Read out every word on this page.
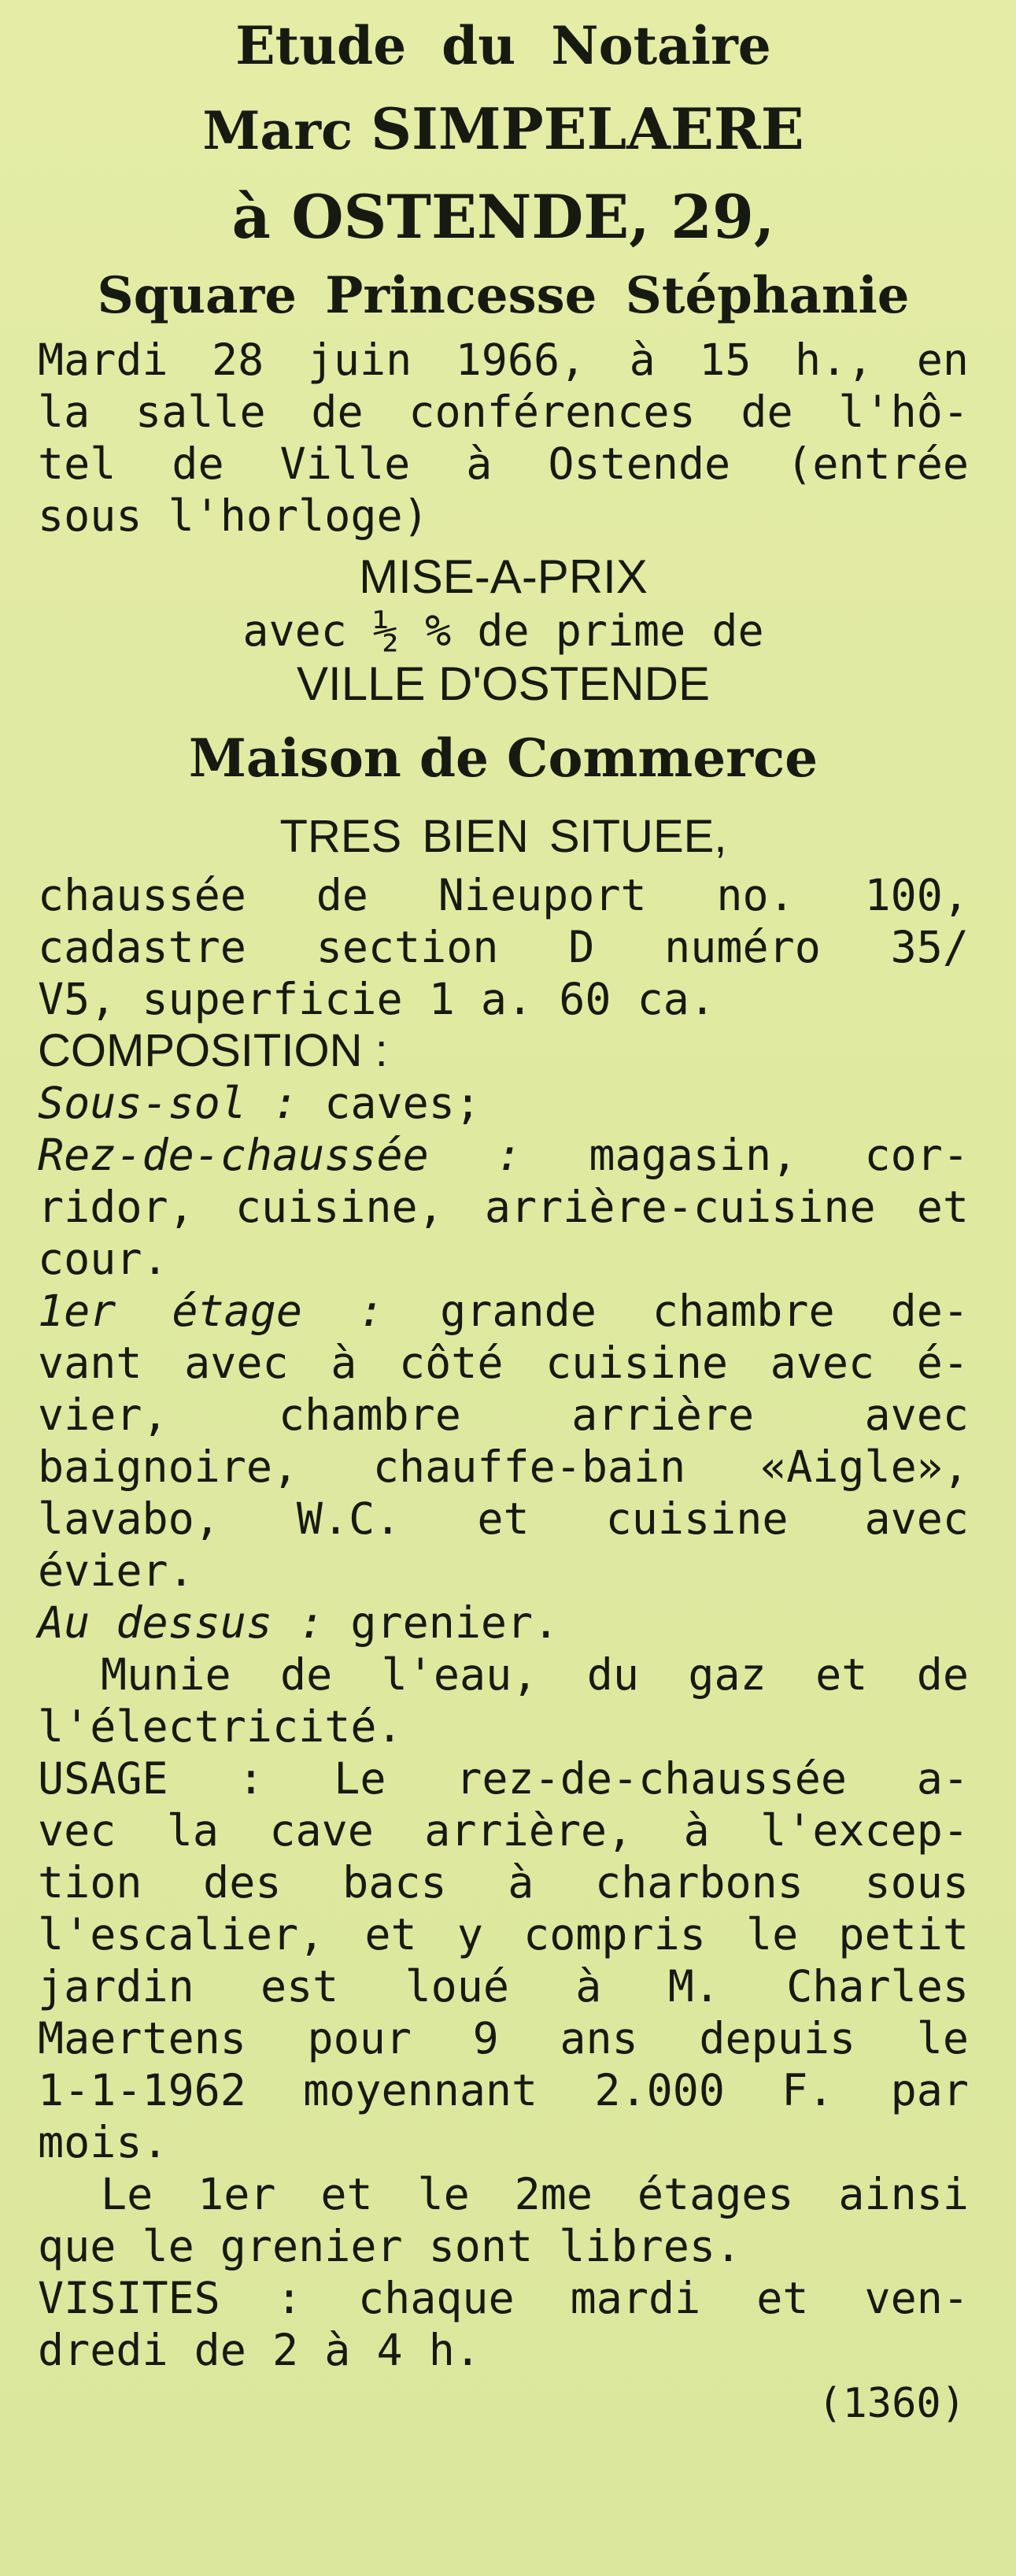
Etude du Notaire

Marc SIMPELAERE

à OSTENDE, 29,

Square Princesse Stéphanie

Mardi 28 juin 1966, à 15 h., en

la salle de conférences de l'hô-

tel de Ville à Ostende (entrée

sous l'horloge)

MISE-A-PRIX

avec ½ % de prime de

VILLE D'OSTENDE

Maison de Commerce

TRES BIEN SITUEE,

chaussée de Nieuport no. 100,

cadastre section D numéro 35/

V5, superficie 1 a. 60 ca.

COMPOSITION :

Sous-sol : caves;

Rez-de-chaussée : magasin, cor-

ridor, cuisine, arrière-cuisine et

cour.

1er étage : grande chambre de-

vant avec à côté cuisine avec é-

vier, chambre arrière avec

baignoire, chauffe-bain «Aigle»,

lavabo, W.C. et cuisine avec

évier.

Au dessus : grenier.

Munie de l'eau, du gaz et de

l'électricité.

USAGE : Le rez-de-chaussée a-

vec la cave arrière, à l'excep-

tion des bacs à charbons sous

l'escalier, et y compris le petit

jardin est loué à M. Charles

Maertens pour 9 ans depuis le

1-1-1962 moyennant 2.000 F. par

mois.

Le 1er et le 2me étages ainsi

que le grenier sont libres.

VISITES : chaque mardi et ven-

dredi de 2 à 4 h.

(1360)
